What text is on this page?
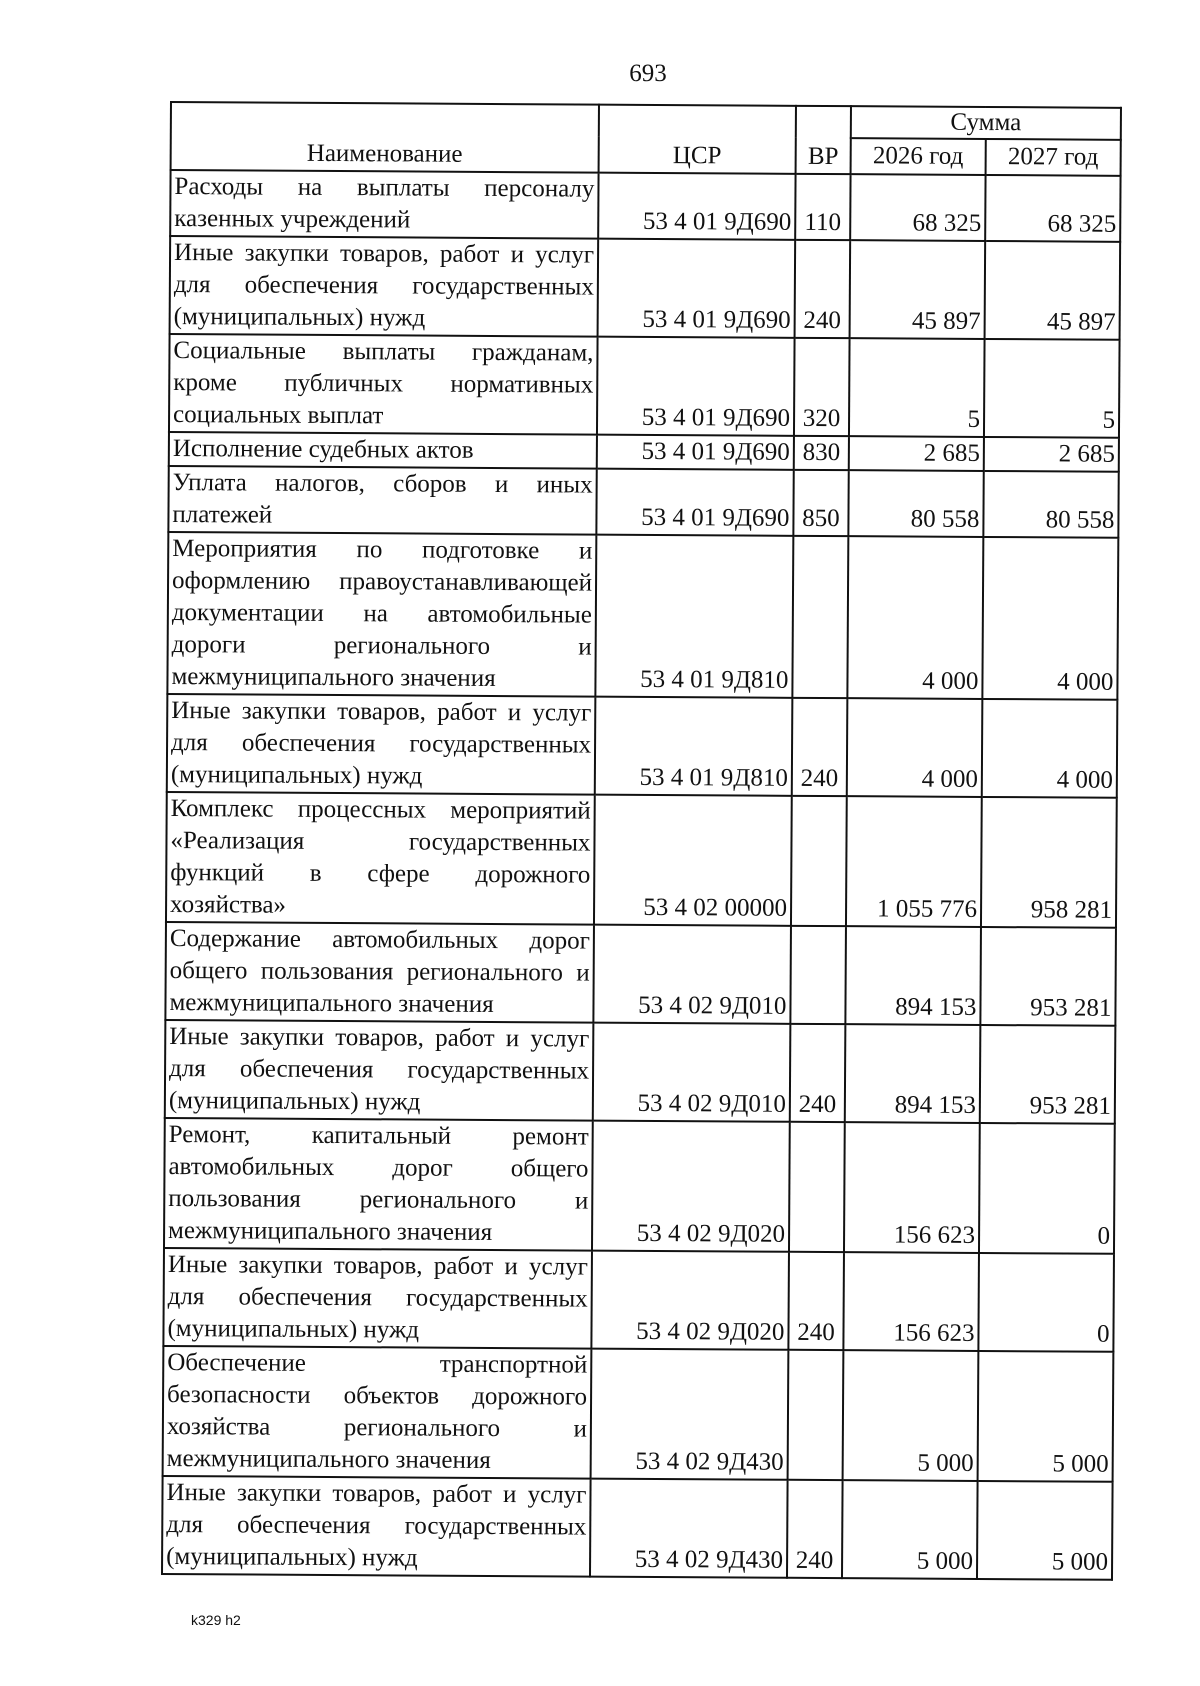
693
Наименование	ЦСР	ВР	Сумма	
			2026 год	2027 год
Расходы на выплаты персоналу казенных учреждений	53 4 01 9Д690	110	68 325	68 325
Иные закупки товаров, работ и услуг для обеспечения государственных (муниципальных) нужд	53 4 01 9Д690	240	45 897	45 897
Социальные выплаты гражданам, кроме публичных нормативных социальных выплат	53 4 01 9Д690	320	5	5
Исполнение судебных актов	53 4 01 9Д690	830	2 685	2 685
Уплата налогов, сборов и иных платежей	53 4 01 9Д690	850	80 558	80 558
Мероприятия по подготовке и оформлению правоустанавливающей документации на автомобильные дороги регионального и межмуниципального значения	53 4 01 9Д810		4 000	4 000
Иные закупки товаров, работ и услуг для обеспечения государственных (муниципальных) нужд	53 4 01 9Д810	240	4 000	4 000
Комплекс процессных мероприятий «Реализация государственных функций в сфере дорожного хозяйства»	53 4 02 00000		1 055 776	958 281
Содержание автомобильных дорог общего пользования регионального и межмуниципального значения	53 4 02 9Д010		894 153	953 281
Иные закупки товаров, работ и услуг для обеспечения государственных (муниципальных) нужд	53 4 02 9Д010	240	894 153	953 281
Ремонт, капитальный ремонт автомобильных дорог общего пользования регионального и межмуниципального значения	53 4 02 9Д020		156 623	0
Иные закупки товаров, работ и услуг для обеспечения государственных (муниципальных) нужд	53 4 02 9Д020	240	156 623	0
Обеспечение транспортной безопасности объектов дорожного хозяйства регионального и межмуниципального значения	53 4 02 9Д430		5 000	5 000
Иные закупки товаров, работ и услуг для обеспечения государственных (муниципальных) нужд	53 4 02 9Д430	240	5 000	5 000
k329 h2
